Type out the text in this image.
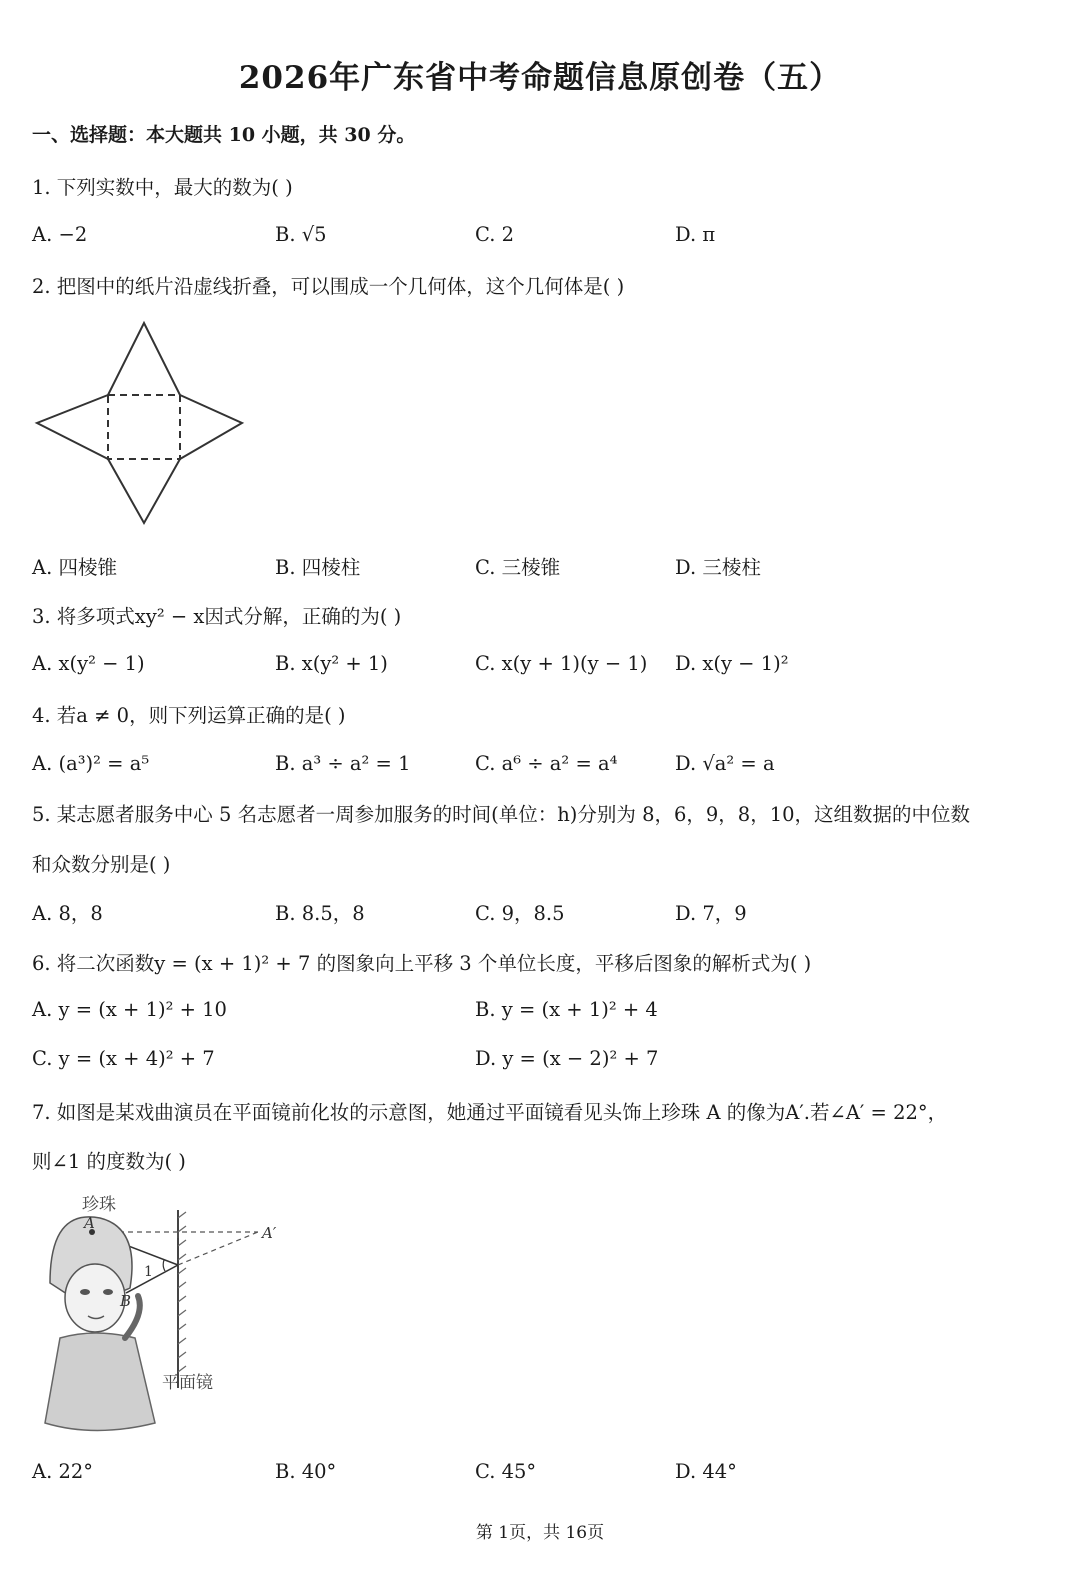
2026年广东省中考命题信息原创卷（五）
一、选择题：本大题共 10 小题，共 30 分。
1. 下列实数中，最大的数为( )
A. −2	B. √5	C. 2	D. π
2. 把图中的纸片沿虚线折叠，可以围成一个几何体，这个几何体是( )
A. 四棱锥	B. 四棱柱	C. 三棱锥	D. 三棱柱
3. 将多项式xy² − x因式分解，正确的为( )
A. x(y² − 1)	B. x(y² + 1)	C. x(y + 1)(y − 1) D. x(y − 1)²
4. 若a ≠ 0，则下列运算正确的是( )
A. (a³)² = a⁵	B. a³ ÷ a² = 1	C. a⁶ ÷ a² = a⁴	D. √a² = a
5. 某志愿者服务中心 5 名志愿者一周参加服务的时间(单位：h)分别为 8，6，9，8，10，这组数据的中位数
和众数分别是( )
A. 8，8	B. 8.5，8	C. 9，8.5	D. 7，9
6. 将二次函数y = (x + 1)² + 7 的图象向上平移 3 个单位长度，平移后图象的解析式为( )
A. y = (x + 1)² + 10	B. y = (x + 1)² + 4
C. y = (x + 4)² + 7	D. y = (x − 2)² + 7
7. 如图是某戏曲演员在平面镜前化妆的示意图，她通过平面镜看见头饰上珍珠 A 的像为A′.若∠A′ = 22°，
则∠1 的度数为( )
珍珠
A
A′
1
B
平面镜
A. 22°	B. 40°	C. 45°	D. 44°
第 1页，共 16页
